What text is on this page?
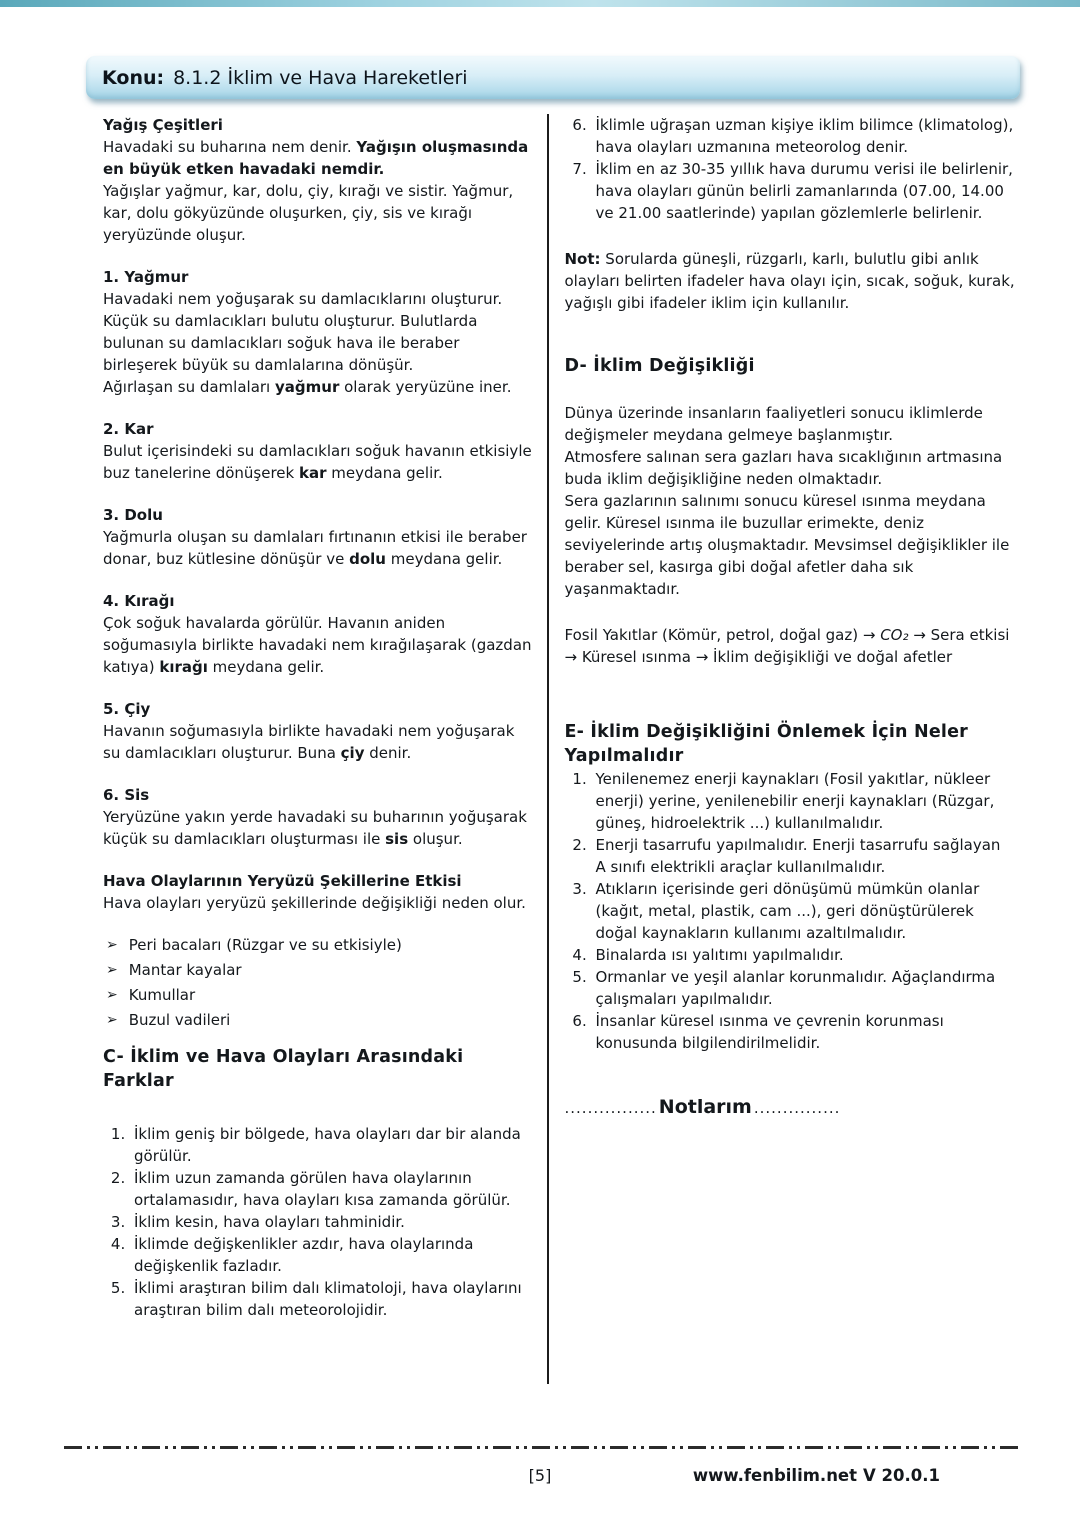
Konu: 8.1.2 İklim ve Hava Hareketleri
Yağış Çeşitleri

Havadaki su buharına nem denir. Yağışın oluşmasında en büyük etken havadaki nemdir.

Yağışlar yağmur, kar, dolu, çiy, kırağı ve sistir. Yağmur, kar, dolu gökyüzünde oluşurken, çiy, sis ve kırağı yeryüzünde oluşur.

1. Yağmur

Havadaki nem yoğuşarak su damlacıklarını oluşturur. Küçük su damlacıkları bulutu oluşturur. Bulutlarda bulunan su damlacıkları soğuk hava ile beraber birleşerek büyük su damlalarına dönüşür.

Ağırlaşan su damlaları yağmur olarak yeryüzüne iner.

2. Kar

Bulut içerisindeki su damlacıkları soğuk havanın etkisiyle buz tanelerine dönüşerek kar meydana gelir.

3. Dolu

Yağmurla oluşan su damlaları fırtınanın etkisi ile beraber donar, buz kütlesine dönüşür ve dolu meydana gelir.

4. Kırağı

Çok soğuk havalarda görülür. Havanın aniden soğumasıyla birlikte havadaki nem kırağılaşarak (gazdan katıya) kırağı meydana gelir.

5. Çiy

Havanın soğumasıyla birlikte havadaki nem yoğuşarak su damlacıkları oluşturur. Buna çiy denir.

6. Sis

Yeryüzüne yakın yerde havadaki su buharının yoğuşarak küçük su damlacıkları oluşturması ile sis oluşur.

Hava Olaylarının Yeryüzü Şekillerine Etkisi

Hava olayları yeryüzü şekillerinde değişikliği neden olur.

➢ Peri bacaları (Rüzgar ve su etkisiyle)
➢ Mantar kayalar
➢ Kumullar
➢ Buzul vadileri
C- İklim ve Hava Olayları Arasındaki Farklar
1. İklim geniş bir bölgede, hava olayları dar bir alanda görülür.
2. İklim uzun zamanda görülen hava olaylarının ortalamasıdır, hava olayları kısa zamanda görülür.
3. İklim kesin, hava olayları tahminidir.
4. İklimde değişkenlikler azdır, hava olaylarında değişkenlik fazladır.
5. İklimi araştıran bilim dalı klimatoloji, hava olaylarını araştıran bilim dalı meteorolojidir.
6. İklimle uğraşan uzman kişiye iklim bilimce (klimatolog), hava olayları uzmanına meteorolog denir.
7. İklim en az 30-35 yıllık hava durumu verisi ile belirlenir, hava olayları günün belirli zamanlarında (07.00, 14.00 ve 21.00 saatlerinde) yapılan gözlemlerle belirlenir.

Not: Sorularda güneşli, rüzgarlı, karlı, bulutlu gibi anlık olayları belirten ifadeler hava olayı için, sıcak, soğuk, kurak, yağışlı gibi ifadeler iklim için kullanılır.

D- İklim Değişikliği

Dünya üzerinde insanların faaliyetleri sonucu iklimlerde değişmeler meydana gelmeye başlanmıştır.

Atmosfere salınan sera gazları hava sıcaklığının artmasına buda iklim değişikliğine neden olmaktadır.

Sera gazlarının salınımı sonucu küresel ısınma meydana gelir. Küresel ısınma ile buzullar erimekte, deniz seviyelerinde artış oluşmaktadır. Mevsimsel değişiklikler ile beraber sel, kasırga gibi doğal afetler daha sık yaşanmaktadır.

Fosil Yakıtlar (Kömür, petrol, doğal gaz) → CO₂ → Sera etkisi → Küresel ısınma → İklim değişikliği ve doğal afetler

E- İklim Değişikliğini Önlemek İçin Neler Yapılmalıdır
1. Yenilenemez enerji kaynakları (Fosil yakıtlar, nükleer enerji) yerine, yenilenebilir enerji kaynakları (Rüzgar, güneş, hidroelektrik ...) kullanılmalıdır.
2. Enerji tasarrufu yapılmalıdır. Enerji tasarrufu sağlayan A sınıfı elektrikli araçlar kullanılmalıdır.
3. Atıkların içerisinde geri dönüşümü mümkün olanlar (kağıt, metal, plastik, cam ...), geri dönüştürülerek doğal kaynakların kullanımı azaltılmalıdır.
4. Binalarda ısı yalıtımı yapılmalıdır.
5. Ormanlar ve yeşil alanlar korunmalıdır. Ağaçlandırma çalışmaları yapılmalıdır.
6. İnsanlar küresel ısınma ve çevrenin korunması konusunda bilgilendirilmelidir.
................ Notlarım ...............
[5]	www.fenbilim.net V 20.0.1
